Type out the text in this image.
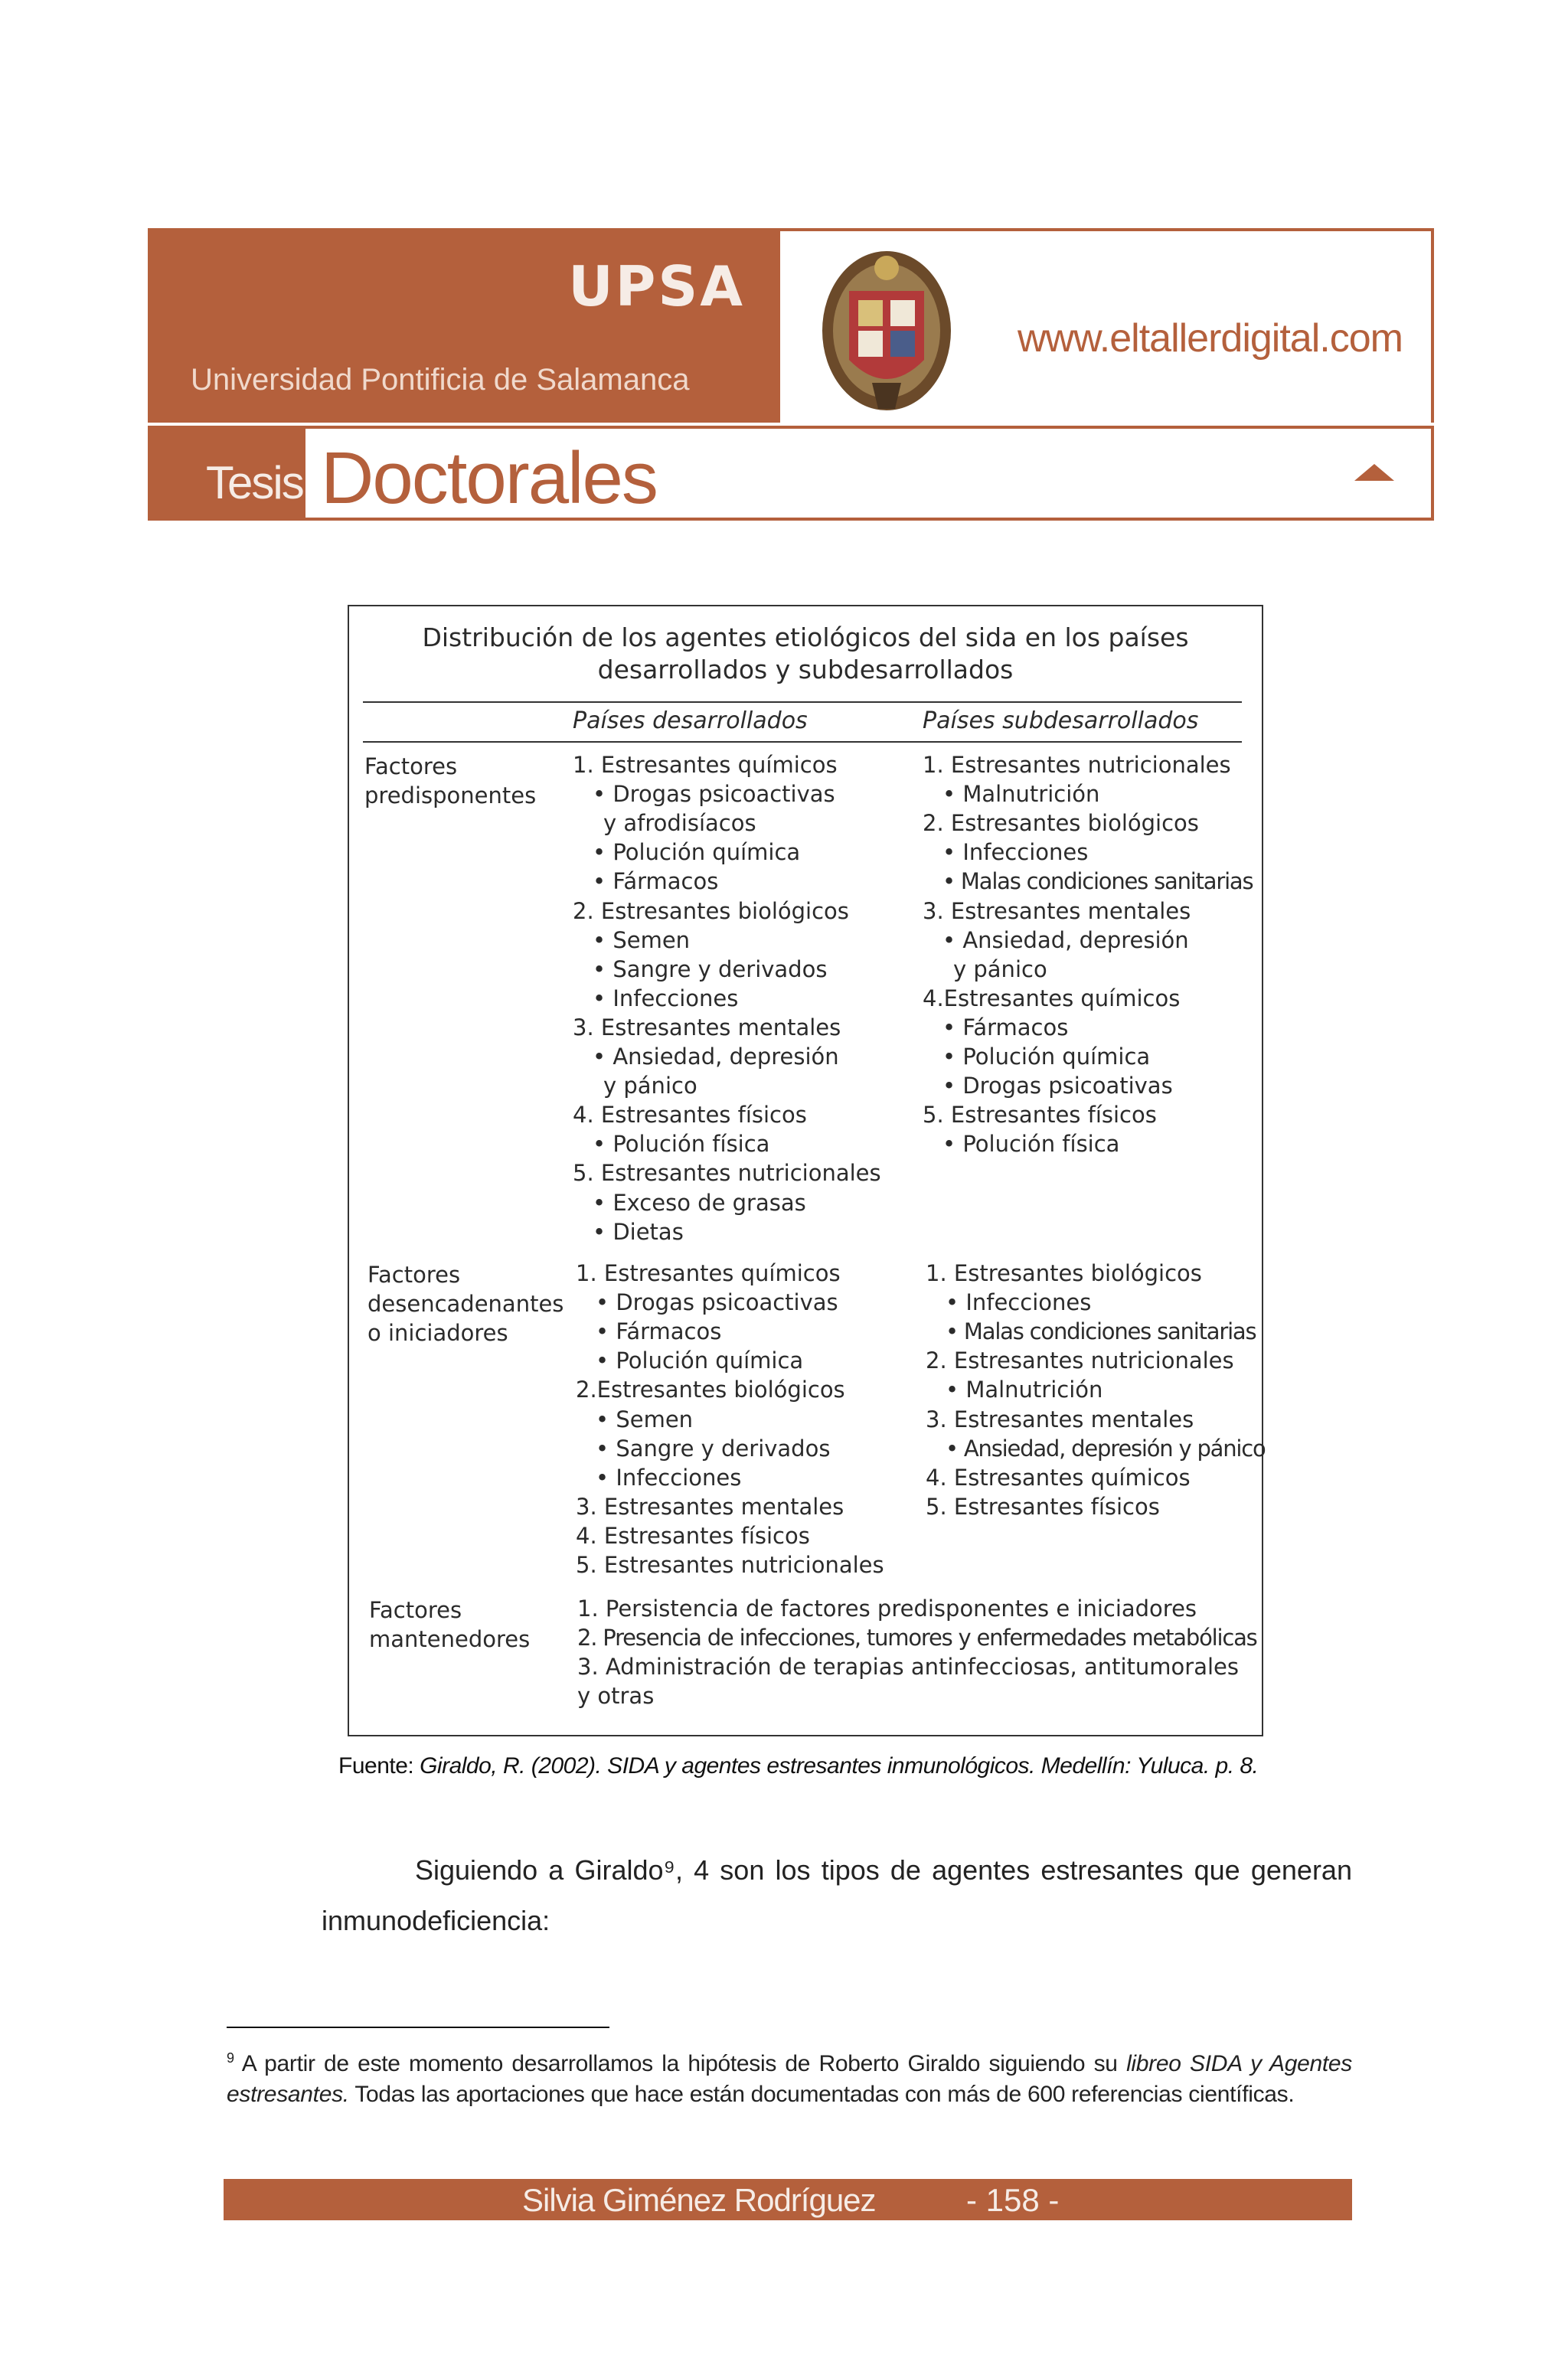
UPSA
Universidad Pontificia de Salamanca
www.eltallerdigital.com
Tesis Doctorales
Distribución de los agentes etiológicos del sida en los países
desarrollados y subdesarrollados
Países desarrollados	Países subdesarrollados
Factores
predisponentes
1. Estresantes químicos
• Drogas psicoactivas
y afrodisíacos
• Polución química
• Fármacos
2. Estresantes biológicos
• Semen
• Sangre y derivados
• Infecciones
3. Estresantes mentales
• Ansiedad, depresión
y pánico
4. Estresantes físicos
• Polución física
5. Estresantes nutricionales
• Exceso de grasas
• Dietas
1. Estresantes nutricionales
• Malnutrición
2. Estresantes biológicos
• Infecciones
• Malas condiciones sanitarias
3. Estresantes mentales
• Ansiedad, depresión
y pánico
4.Estresantes químicos
• Fármacos
• Polución química
• Drogas psicoativas
5. Estresantes físicos
• Polución física
Factores
desencadenantes
o iniciadores
1. Estresantes químicos
• Drogas psicoactivas
• Fármacos
• Polución química
2.Estresantes biológicos
• Semen
• Sangre y derivados
• Infecciones
3. Estresantes mentales
4. Estresantes físicos
5. Estresantes nutricionales
1. Estresantes biológicos
• Infecciones
• Malas condiciones sanitarias
2. Estresantes nutricionales
• Malnutrición
3. Estresantes mentales
• Ansiedad, depresión y pánico
4. Estresantes químicos
5. Estresantes físicos
Factores
mantenedores
1. Persistencia de factores predisponentes e iniciadores
2. Presencia de infecciones, tumores y enfermedades metabólicas
3. Administración de terapias antinfecciosas, antitumorales
y otras
Fuente: Giraldo, R. (2002). SIDA y agentes estresantes inmunológicos. Medellín: Yuluca. p. 8.
Siguiendo a Giraldo⁹, 4 son los tipos de agentes estresantes que generan
inmunodeficiencia:
$^9$ A partir de este momento desarrollamos la hipótesis de Roberto Giraldo siguiendo su libreo SIDA y Agentes estresantes. Todas las aportaciones que hace están documentadas con más de 600 referencias científicas.
Silvia Giménez Rodríguez	- 158 -
